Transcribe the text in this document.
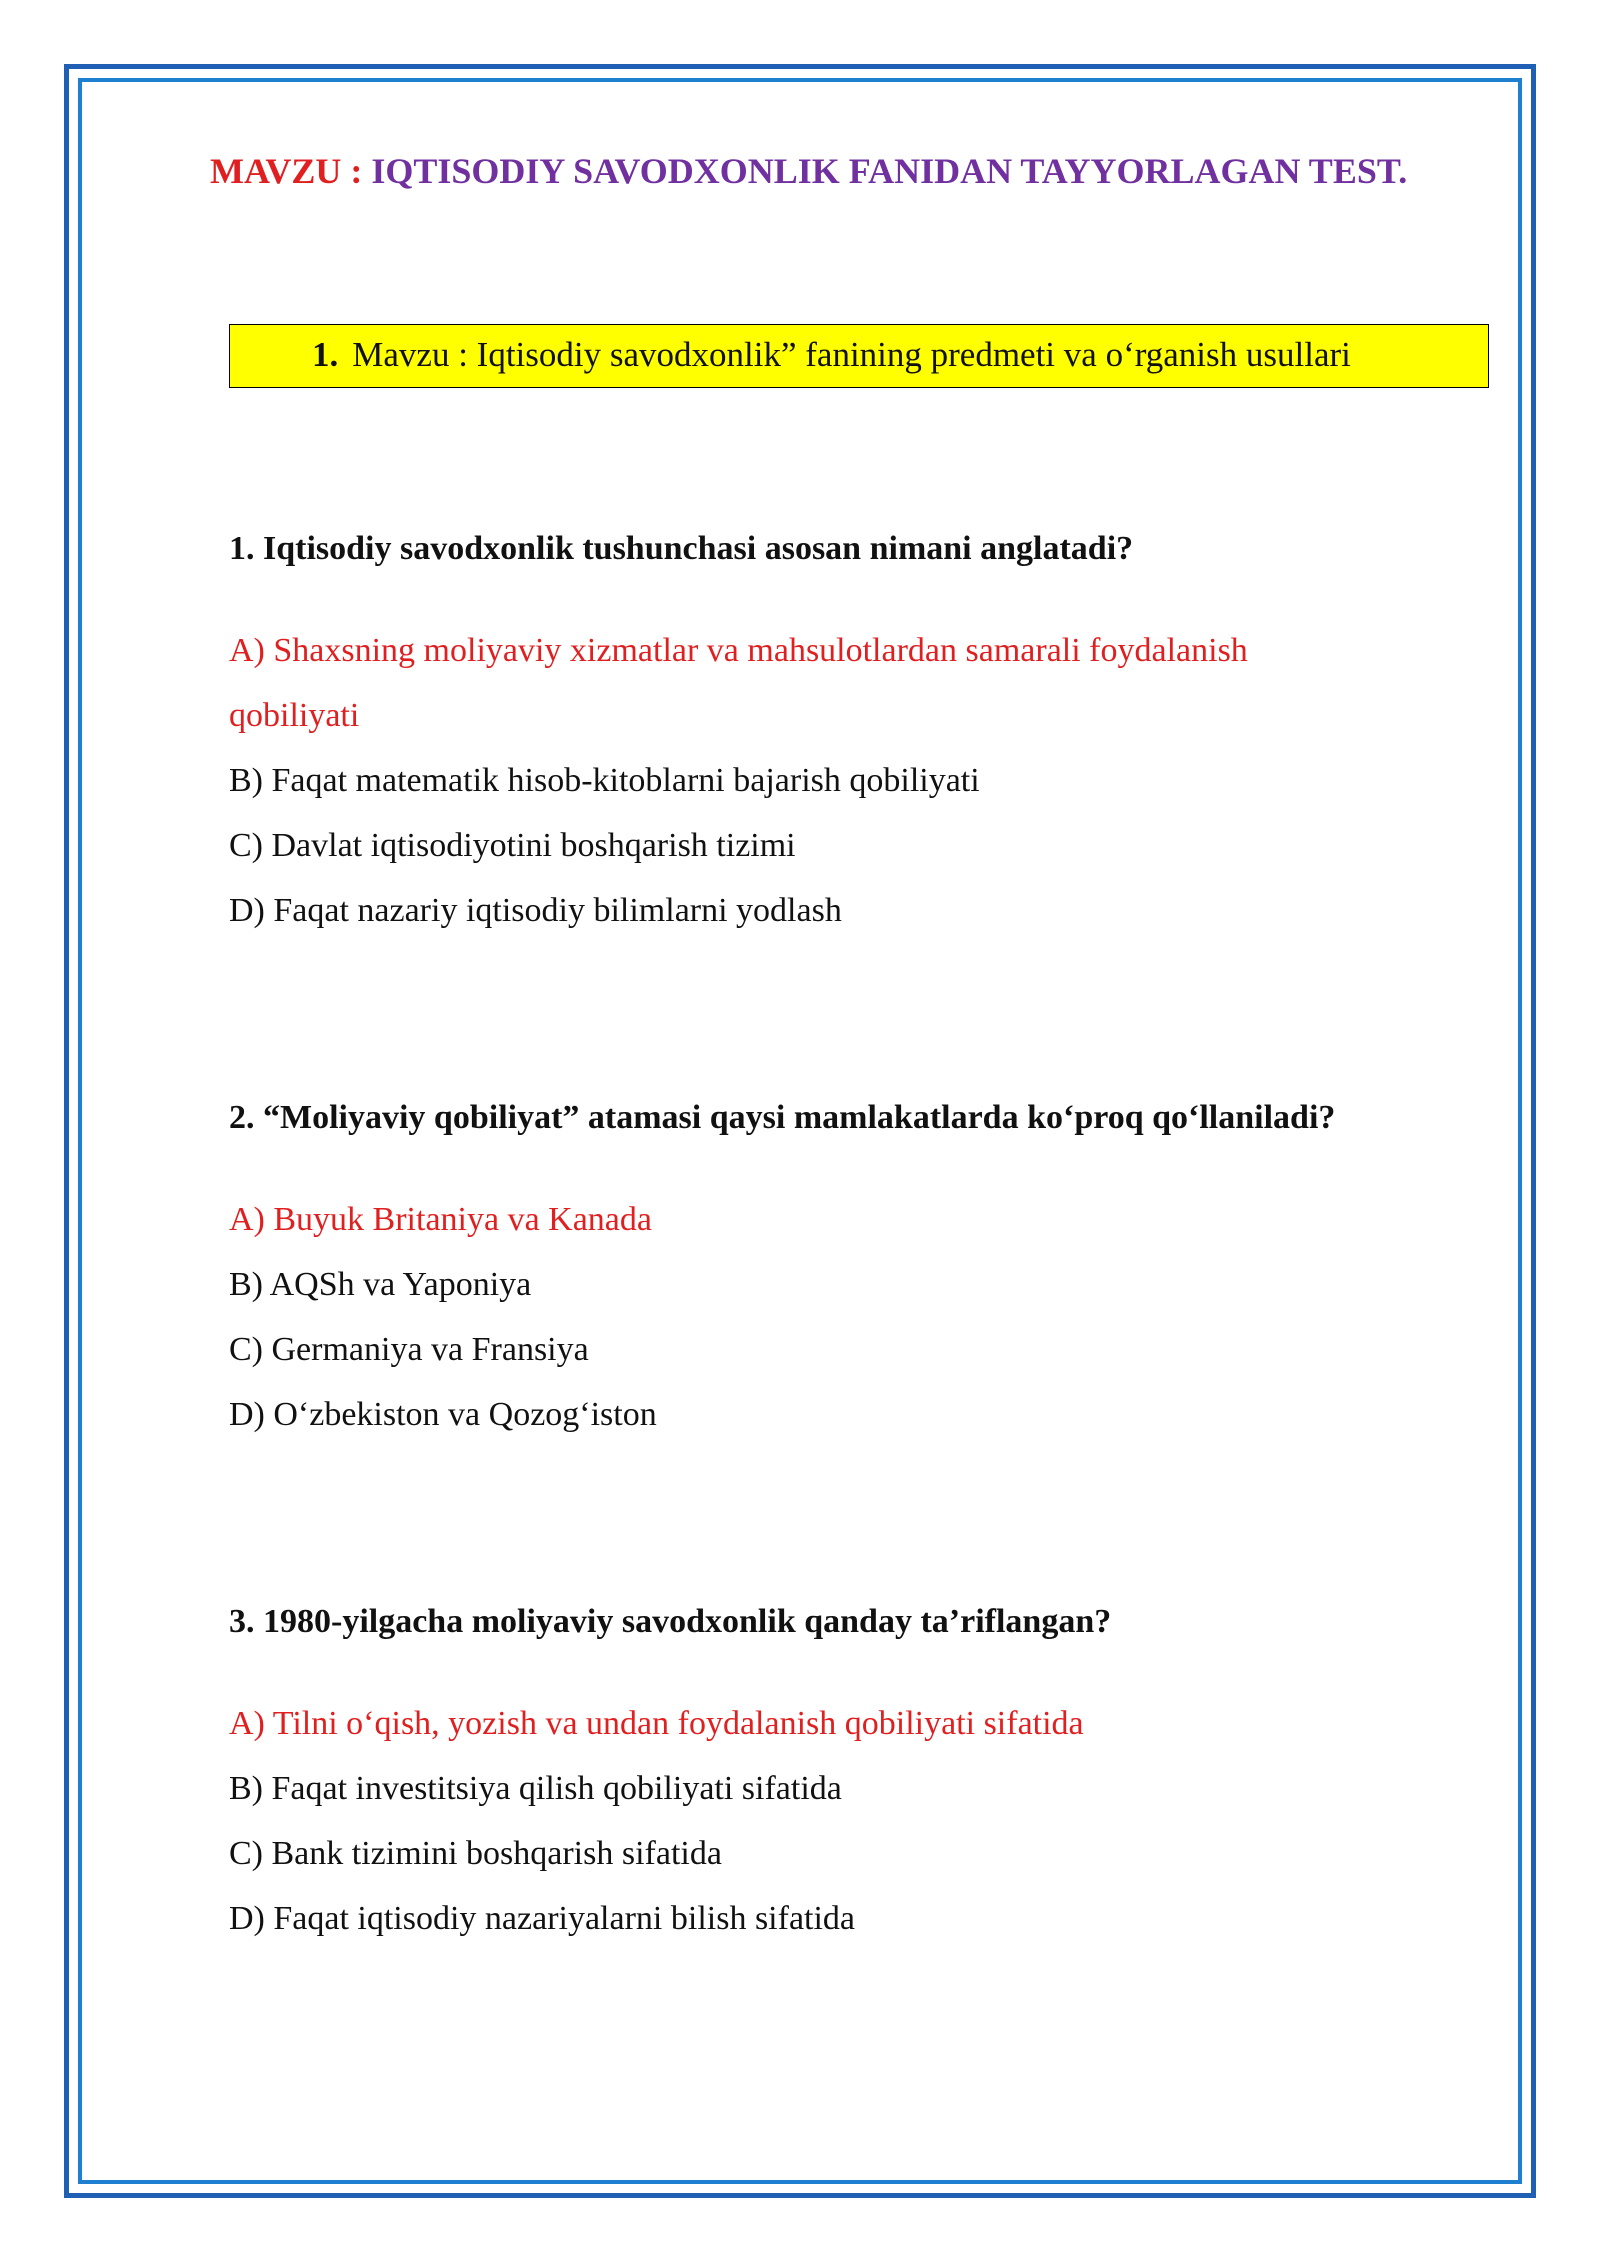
MAVZU : IQTISODIY SAVODXONLIK FANIDAN TAYYORLAGAN TEST.
1. Mavzu : Iqtisodiy savodxonlik” fanining predmeti va o‘rganish usullari
1. Iqtisodiy savodxonlik tushunchasi asosan nimani anglatadi?
A) Shaxsning moliyaviy xizmatlar va mahsulotlardan samarali foydalanish
qobiliyati
B) Faqat matematik hisob-kitoblarni bajarish qobiliyati
C) Davlat iqtisodiyotini boshqarish tizimi
D) Faqat nazariy iqtisodiy bilimlarni yodlash
2. “Moliyaviy qobiliyat” atamasi qaysi mamlakatlarda ko‘proq qo‘llaniladi?
A) Buyuk Britaniya va Kanada
B) AQSh va Yaponiya
C) Germaniya va Fransiya
D) O‘zbekiston va Qozog‘iston
3. 1980-yilgacha moliyaviy savodxonlik qanday ta’riflangan?
A) Tilni o‘qish, yozish va undan foydalanish qobiliyati sifatida
B) Faqat investitsiya qilish qobiliyati sifatida
C) Bank tizimini boshqarish sifatida
D) Faqat iqtisodiy nazariyalarni bilish sifatida
